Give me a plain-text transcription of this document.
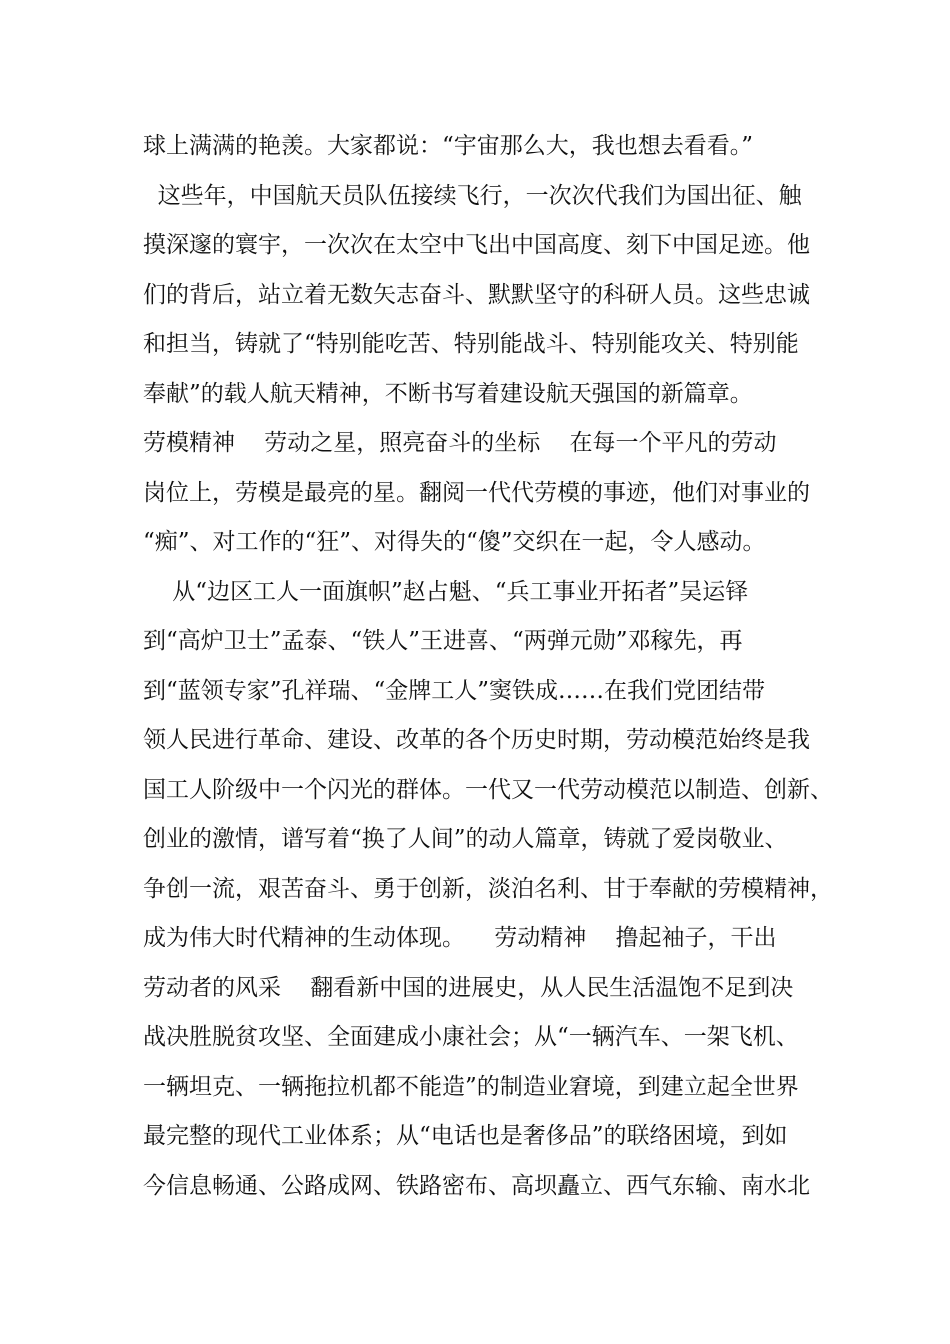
球上满满的艳羡。大家都说：“宇宙那么大，我也想去看看。”
这些年，中国航天员队伍接续飞行，一次次代我们为国出征、触
摸深邃的寰宇，一次次在太空中飞出中国高度、刻下中国足迹。他
们的背后，站立着无数矢志奋斗、默默坚守的科研人员。这些忠诚
和担当，铸就了“特别能吃苦、特别能战斗、特别能攻关、特别能
奉献”的载人航天精神，不断书写着建设航天强国的新篇章。
劳模精神    劳动之星，照亮奋斗的坐标    在每一个平凡的劳动
岗位上，劳模是最亮的星。翻阅一代代劳模的事迹，他们对事业的
“痴”、对工作的“狂”、对得失的“傻”交织在一起，令人感动。
从“边区工人一面旗帜”赵占魁、“兵工事业开拓者”吴运铎
到“高炉卫士”孟泰、“铁人”王进喜、“两弹元勋”邓稼先，再
到“蓝领专家”孔祥瑞、“金牌工人”窦铁成……在我们党团结带
领人民进行革命、建设、改革的各个历史时期，劳动模范始终是我
国工人阶级中一个闪光的群体。一代又一代劳动模范以制造、创新、
创业的激情，谱写着“换了人间”的动人篇章，铸就了爱岗敬业、
争创一流，艰苦奋斗、勇于创新，淡泊名利、甘于奉献的劳模精神，
成为伟大时代精神的生动体现。    劳动精神    撸起袖子，干出
劳动者的风采    翻看新中国的进展史，从人民生活温饱不足到决
战决胜脱贫攻坚、全面建成小康社会；从“一辆汽车、一架飞机、
一辆坦克、一辆拖拉机都不能造”的制造业窘境，到建立起全世界
最完整的现代工业体系；从“电话也是奢侈品”的联络困境，到如
今信息畅通、公路成网、铁路密布、高坝矗立、西气东输、南水北
